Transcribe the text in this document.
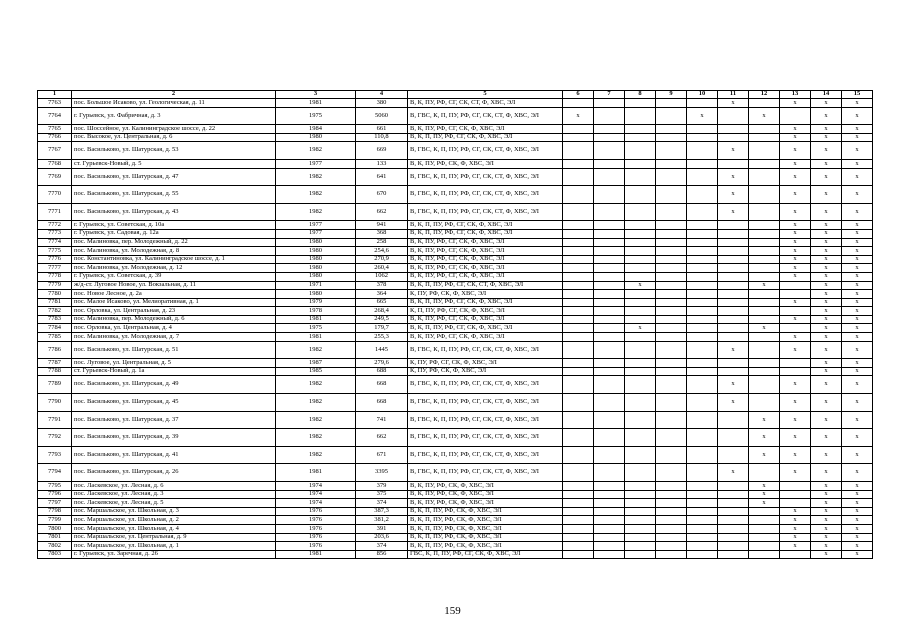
1	2	3	4	5	6	7	8	9	10	11	12	13	14	15
7763	пос. Большое Исаково, ул. Геологическая, д. 11	1981	380	В, К, ПУ, РФ, СГ, СК, СТ, Ф, ХВС, ЭЛ						x		x	x	x
7764	г. Гурьевск, ул. Фабричная, д. 3	1975	5060	В, ГВС, К, П, ПУ, РФ, СГ, СК, СТ, Ф, ХВС, ЭЛ	x				x		x		x	x
7765	пос. Шоссейное, ул. Калининградское шоссе, д. 22	1984	661	В, К, ПУ, РФ, СГ, СК, Ф, ХВС, ЭЛ								x	x	x
7766	пос. Высокое, ул. Центральная, д. 6	1980	110,8	В, К, П, ПУ, РФ, СГ, СК, Ф, ХВС, ЭЛ								x	x	x
7767	пос. Васильково, ул. Шатурская, д. 53	1982	669	В, ГВС, К, П, ПУ, РФ, СГ, СК, СТ, Ф, ХВС, ЭЛ						x		x	x	x
7768	ст. Гурьевск-Новый, д. 5	1977	133	В, К, ПУ, РФ, СК, Ф, ХВС, ЭЛ								x	x	x
7769	пос. Васильково, ул. Шатурская, д. 47	1982	641	В, ГВС, К, П, ПУ, РФ, СГ, СК, СТ, Ф, ХВС, ЭЛ						x		x	x	x
7770	пос. Васильково, ул. Шатурская, д. 55	1982	670	В, ГВС, К, П, ПУ, РФ, СГ, СК, СТ, Ф, ХВС, ЭЛ						x		x	x	x
7771	пос. Васильково, ул. Шатурская, д. 43	1982	662	В, ГВС, К, П, ПУ, РФ, СГ, СК, СТ, Ф, ХВС, ЭЛ						x		x	x	x
7772	г. Гурьевск, ул. Советская, д. 10а	1977	941	В, К, П, ПУ, РФ, СГ, СК, Ф, ХВС, ЭЛ								x	x	x
7773	г. Гурьевск, ул. Садовая, д. 12а	1977	368	В, К, П, ПУ, РФ, СГ, СК, Ф, ХВС, ЭЛ								x	x	x
7774	пос. Малиновка, пер. Молодежный, д. 22	1980	258	В, К, ПУ, РФ, СГ, СК, Ф, ХВС, ЭЛ								x	x	x
7775	пос. Малиновка, ул. Молодежная, д. 8	1980	254,6	В, К, ПУ, РФ, СГ, СК, Ф, ХВС, ЭЛ								x	x	x
7776	пос. Константиновка, ул. Калининградское шоссе, д. 1	1980	270,9	В, К, ПУ, РФ, СГ, СК, Ф, ХВС, ЭЛ								x	x	x
7777	пос. Малиновка, ул. Молодежная, д. 12	1980	260,4	В, К, ПУ, РФ, СГ, СК, Ф, ХВС, ЭЛ								x	x	x
7778	г. Гурьевск, ул. Советская, д. 39	1980	1062	В, К, ПУ, РФ, СГ, СК, Ф, ХВС, ЭЛ								x	x	x
7779	ж/д-ст. Луговое Новое, ул. Вокзальная, д. 11	1971	378	В, К, П, ПУ, РФ, СГ, СК, СТ, Ф, ХВС, ЭЛ			x				x		x	x
7780	пос. Новое Лесное, д. 2а	1980	364	К, ПУ, РФ, СК, Ф, ХВС, ЭЛ									x	x
7781	пос. Малое Исаково, ул. Мелиоративная, д. 1	1979	665	В, К, П, ПУ, РФ, СГ, СК, Ф, ХВС, ЭЛ								x	x	x
7782	пос. Орловка, ул. Центральная, д. 23	1978	268,4	К, П, ПУ, РФ, СГ, СК, Ф, ХВС, ЭЛ									x	x
7783	пос. Малиновка, пер. Молодежный, д. 6	1981	249,5	В, К, ПУ, РФ, СГ, СК, Ф, ХВС, ЭЛ								x	x	x
7784	пос. Орловка, ул. Центральная, д. 4	1975	179,7	В, К, П, ПУ, РФ, СГ, СК, Ф, ХВС, ЭЛ			x				x		x	x
7785	пос. Малиновка, ул. Молодежная, д. 7	1981	255,3	В, К, ПУ, РФ, СГ, СК, Ф, ХВС, ЭЛ								x	x	x
7786	пос. Васильково, ул. Шатурская, д. 51	1982	1445	В, ГВС, К, П, ПУ, РФ, СГ, СК, СТ, Ф, ХВС, ЭЛ						x		x	x	x
7787	пос. Луговое, ул. Центральная, д. 5	1987	279,6	К, ПУ, РФ, СГ, СК, Ф, ХВС, ЭЛ									x	x
7788	ст. Гурьевск-Новый, д. 1а	1985	688	К, ПУ, РФ, СК, Ф, ХВС, ЭЛ									x	x
7789	пос. Васильково, ул. Шатурская, д. 49	1982	668	В, ГВС, К, П, ПУ, РФ, СГ, СК, СТ, Ф, ХВС, ЭЛ						x		x	x	x
7790	пос. Васильково, ул. Шатурская, д. 45	1982	668	В, ГВС, К, П, ПУ, РФ, СГ, СК, СТ, Ф, ХВС, ЭЛ						x		x	x	x
7791	пос. Васильково, ул. Шатурская, д. 37	1982	741	В, ГВС, К, П, ПУ, РФ, СГ, СК, СТ, Ф, ХВС, ЭЛ							x	x	x	x
7792	пос. Васильково, ул. Шатурская, д. 39	1982	662	В, ГВС, К, П, ПУ, РФ, СГ, СК, СТ, Ф, ХВС, ЭЛ							x	x	x	x
7793	пос. Васильково, ул. Шатурская, д. 41	1982	671	В, ГВС, К, П, ПУ, РФ, СГ, СК, СТ, Ф, ХВС, ЭЛ							x	x	x	x
7794	пос. Васильково, ул. Шатурская, д. 26	1981	3395	В, ГВС, К, П, ПУ, РФ, СГ, СК, СТ, Ф, ХВС, ЭЛ						x		x	x	x
7795	пос. Ласкевское, ул. Лесная, д. 6	1974	379	В, К, ПУ, РФ, СК, Ф, ХВС, ЭЛ							x		x	x
7796	пос. Ласкевское, ул. Лесная, д. 3	1974	375	В, К, ПУ, РФ, СК, Ф, ХВС, ЭЛ							x		x	x
7797	пос. Ласкевское, ул. Лесная, д. 5	1974	374	В, К, ПУ, РФ, СК, Ф, ХВС, ЭЛ							x		x	x
7798	пос. Маршальское, ул. Школьная, д. 3	1976	387,3	В, К, П, ПУ, РФ, СК, Ф, ХВС, ЭЛ								x	x	x
7799	пос. Маршальское, ул. Школьная, д. 2	1976	381,2	В, К, П, ПУ, РФ, СК, Ф, ХВС, ЭЛ								x	x	x
7800	пос. Маршальское, ул. Школьная, д. 4	1976	391	В, К, П, ПУ, РФ, СК, Ф, ХВС, ЭЛ								x	x	x
7801	пос. Маршальское, ул. Центральная, д. 9	1976	203,6	В, К, П, ПУ, РФ, СК, Ф, ХВС, ЭЛ								x	x	x
7802	пос. Маршальское, ул. Школьная, д. 1	1976	374	В, К, П, ПУ, РФ, СК, Ф, ХВС, ЭЛ								x	x	x
7803	г. Гурьевск, ул. Заречная, д. 26	1981	856	ГВС, К, П, ПУ, РФ, СГ, СК, Ф, ХВС, ЭЛ									x	x
159
